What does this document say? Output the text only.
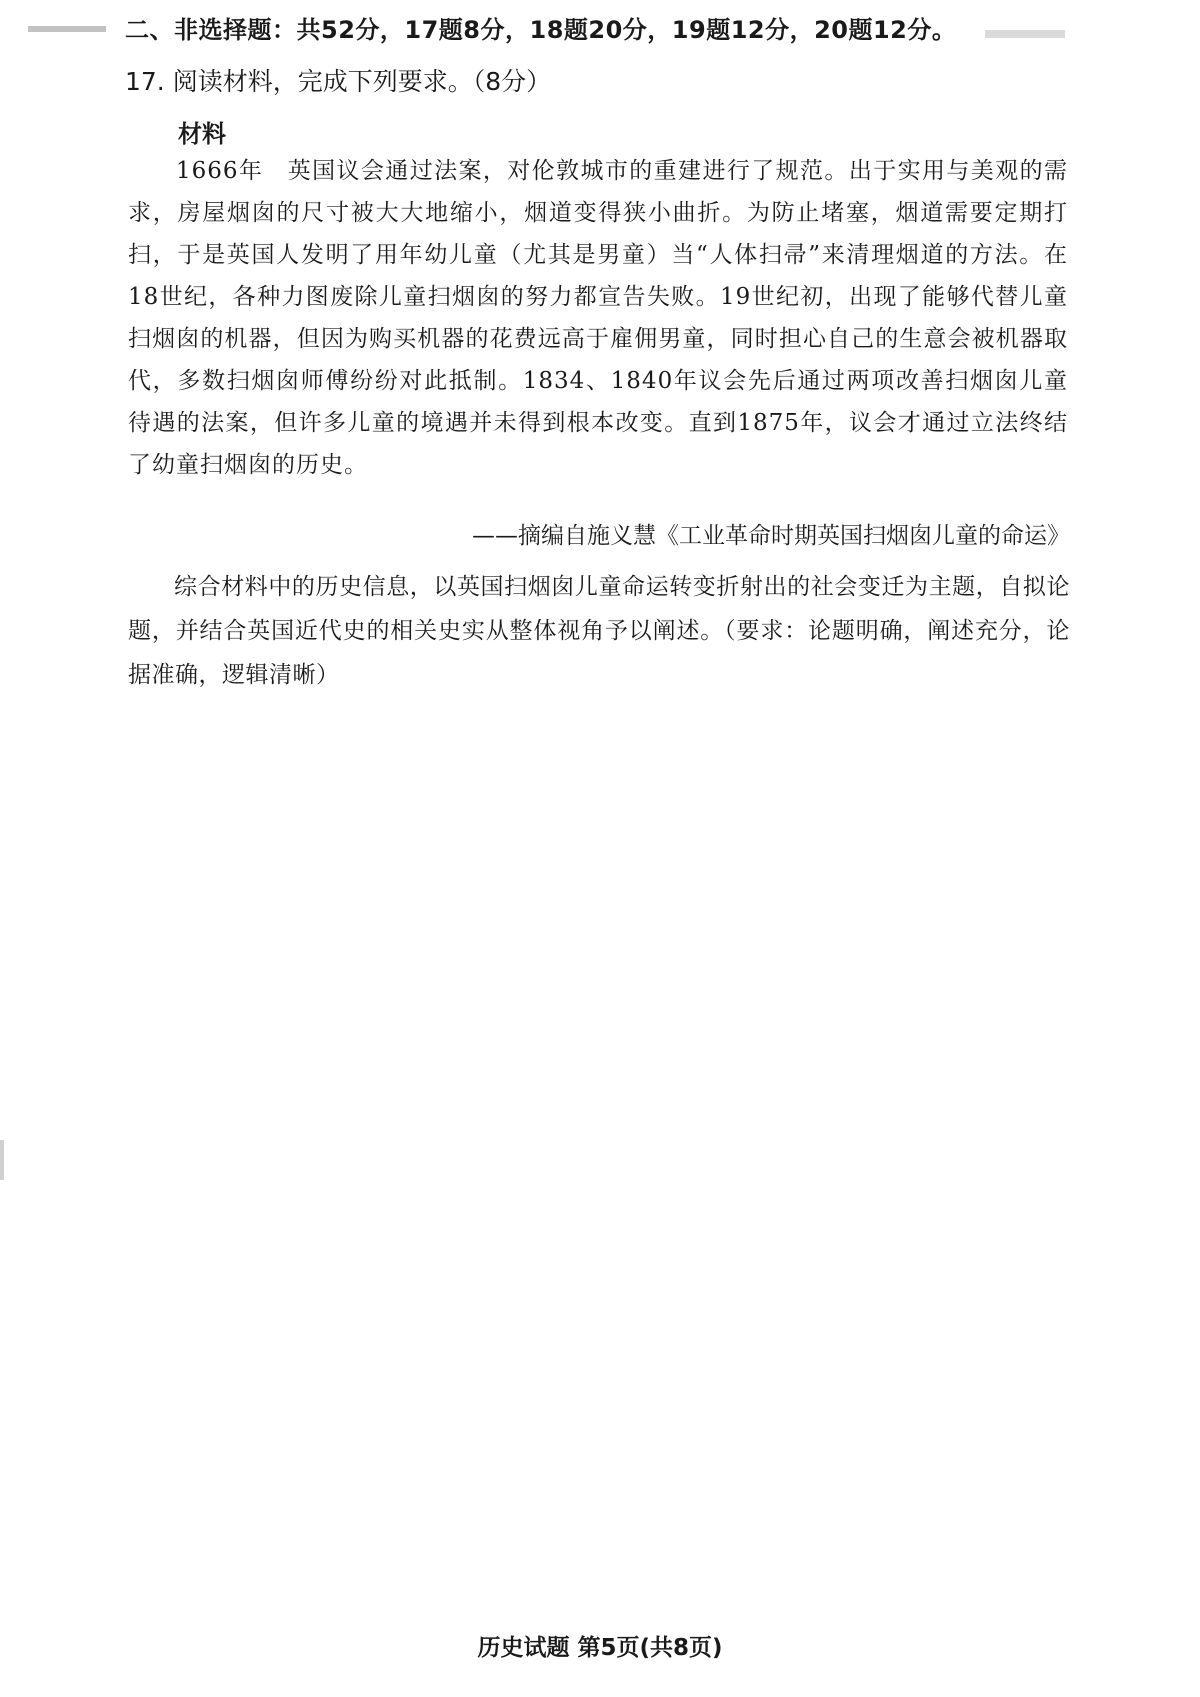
二、非选择题：共52分，17题8分，18题20分，19题12分，20题12分。
17. 阅读材料，完成下列要求。（8分）
材料
1666年　英国议会通过法案，对伦敦城市的重建进行了规范。出于实用与美观的需求，房屋烟囱的尺寸被大大地缩小，烟道变得狭小曲折。为防止堵塞，烟道需要定期打扫，于是英国人发明了用年幼儿童（尤其是男童）当“人体扫帚”来清理烟道的方法。在18世纪，各种力图废除儿童扫烟囱的努力都宣告失败。19世纪初，出现了能够代替儿童扫烟囱的机器，但因为购买机器的花费远高于雇佣男童，同时担心自己的生意会被机器取代，多数扫烟囱师傅纷纷对此抵制。1834、1840年议会先后通过两项改善扫烟囱儿童待遇的法案，但许多儿童的境遇并未得到根本改变。直到1875年，议会才通过立法终结了幼童扫烟囱的历史。
——摘编自施义慧《工业革命时期英国扫烟囱儿童的命运》
综合材料中的历史信息，以英国扫烟囱儿童命运转变折射出的社会变迁为主题，自拟论题，并结合英国近代史的相关史实从整体视角予以阐述。（要求：论题明确，阐述充分，论据准确，逻辑清晰）
历史试题 第5页(共8页)
